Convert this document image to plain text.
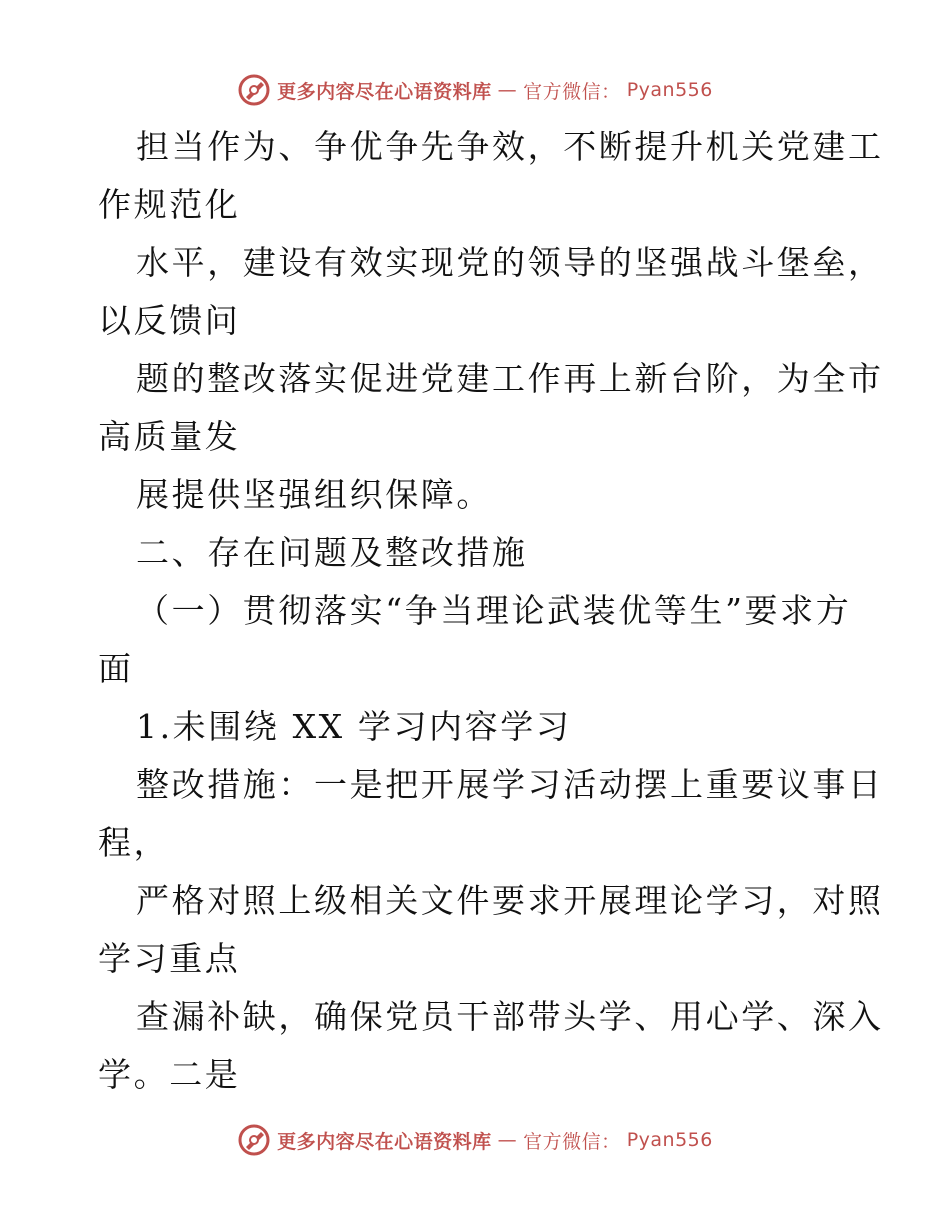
更多内容尽在心语资料库 — 官方微信： Pyan556
担当作为、争优争先争效，不断提升机关党建工
作规范化
水平，建设有效实现党的领导的坚强战斗堡垒，
以反馈问
题的整改落实促进党建工作再上新台阶，为全市
高质量发
展提供坚强组织保障。
二、存在问题及整改措施
（一）贯彻落实“争当理论武装优等生”要求方
面
1.未围绕 XX 学习内容学习
整改措施：一是把开展学习活动摆上重要议事日
程，
严格对照上级相关文件要求开展理论学习，对照
学习重点
查漏补缺，确保党员干部带头学、用心学、深入
学。二是
更多内容尽在心语资料库 — 官方微信： Pyan556
